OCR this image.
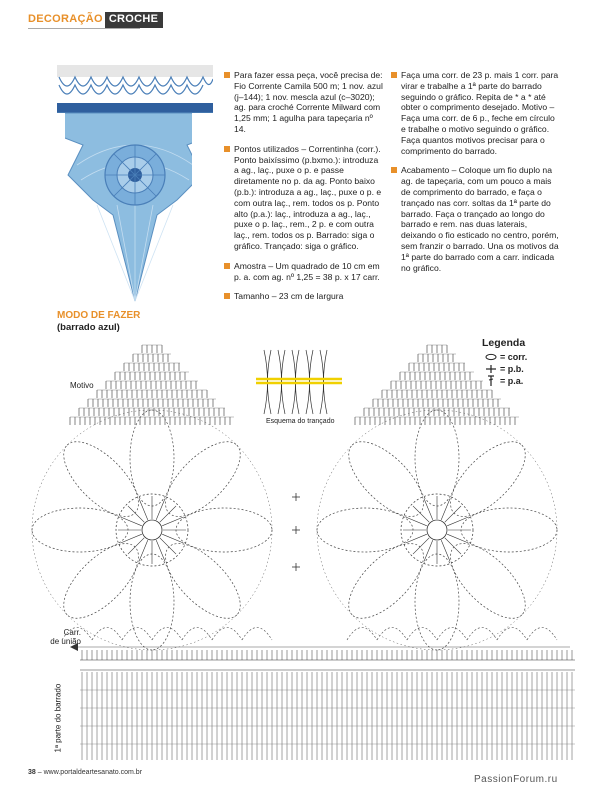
DECORAÇÃO CROCHE
MODO DE FAZER
(barrado azul)
Para fazer essa peça, você precisa de: Fio Corrente Camila 500 m; 1 nov. azul (j–144); 1 nov. mescla azul (c–3020); ag. para croché Corrente Milward com 1,25 mm; 1 agulha para tapeçaria nº 14.
Pontos utilizados – Correntinha (corr.). Ponto baixíssimo (p.bxmo.): introduza a ag., laç., puxe o p. e passe diretamente no p. da ag. Ponto baixo (p.b.): introduza a ag., laç., puxe o p. e com outra laç., rem. todos os p. Ponto alto (p.a.): laç., introduza a ag., laç., puxe o p. laç., rem., 2 p. e com outra laç., rem. todos os p. Barrado: siga o gráfico. Trançado: siga o gráfico.
Amostra – Um quadrado de 10 cm em p. a. com ag. nº 1,25 = 38 p. x 17 carr.
Tamanho – 23 cm de largura
Faça uma corr. de 23 p. mais 1 corr. para virar e trabalhe a 1ª parte do barrado seguindo o gráfico. Repita de * a * até obter o comprimento desejado. Motivo – Faça uma corr. de 6 p., feche em círculo e trabalhe o motivo seguindo o gráfico. Faça quantos motivos precisar para o comprimento do barrado.
Acabamento – Coloque um fio duplo na ag. de tapeçaria, com um pouco a mais de comprimento do barrado, e faça o trançado nas corr. soltas da 1ª parte do barrado. Faça o trançado ao longo do barrado e rem. nas duas laterais, deixando o fio esticado no centro, porém, sem franzir o barrado. Una os motivos da 1ª parte do barrado com a carr. indicada no gráfico.
Legenda
= corr.
= p.b.
= p.a.
Motivo
Esquema do trançado
Carr.
de união
1ª parte do barrado
38 – www.portaldeartesanato.com.br
PassionForum.ru
